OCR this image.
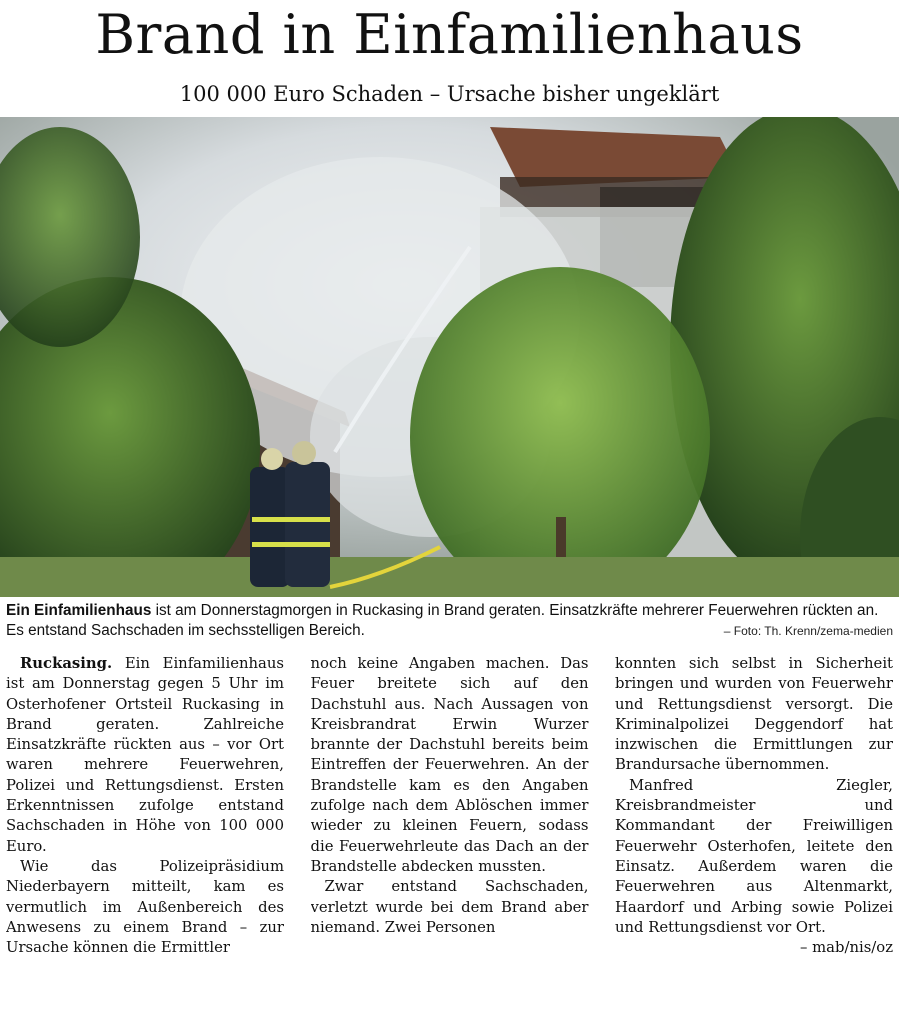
Brand in Einfamilienhaus
100 000 Euro Schaden – Ursache bisher ungeklärt
Ein Einfamilienhaus ist am Donnerstagmorgen in Ruckasing in Brand geraten. Einsatzkräfte mehrerer Feuerwehren rückten an. Es entstand Sachschaden im sechsstelligen Bereich.	– Foto: Th. Krenn/zema-medien

Ruckasing. Ein Einfamilienhaus ist am Donnerstag gegen 5 Uhr im Osterhofener Ortsteil Ruckasing in Brand geraten. Zahlreiche Einsatzkräfte rückten aus – vor Ort waren mehrere Feuerwehren, Polizei und Rettungsdienst. Ersten Erkenntnissen zufolge entstand Sachschaden in Höhe von 100 000 Euro.

Wie das Polizeipräsidium Niederbayern mitteilt, kam es vermutlich im Außenbereich des Anwesens zu einem Brand – zur Ursache können die Ermittler

noch keine Angaben machen. Das Feuer breitete sich auf den Dachstuhl aus. Nach Aussagen von Kreisbrandrat Erwin Wurzer brannte der Dachstuhl bereits beim Eintreffen der Feuerwehren. An der Brandstelle kam es den Angaben zufolge nach dem Ablöschen immer wieder zu kleinen Feuern, sodass die Feuerwehrleute das Dach an der Brandstelle abdecken mussten.

Zwar entstand Sachschaden, verletzt wurde bei dem Brand aber niemand. Zwei Personen

konnten sich selbst in Sicherheit bringen und wurden von Feuerwehr und Rettungsdienst versorgt. Die Kriminalpolizei Deggendorf hat inzwischen die Ermittlungen zur Brandursache übernommen.

Manfred Ziegler, Kreisbrandmeister und Kommandant der Freiwilligen Feuerwehr Osterhofen, leitete den Einsatz. Außerdem waren die Feuerwehren aus Altenmarkt, Haardorf und Arbing sowie Polizei und Rettungsdienst vor Ort.
– mab/nis/oz
